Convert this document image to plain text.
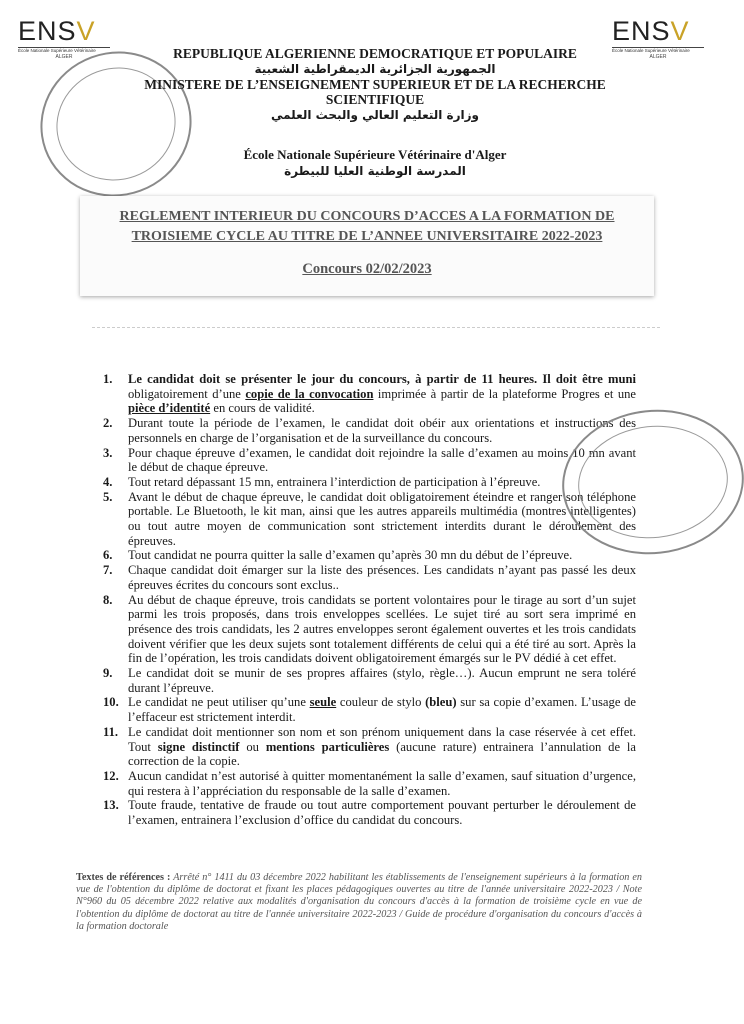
ENSV
École Nationale Supérieure Vétérinaire
ALGER
ENSV
École Nationale Supérieure Vétérinaire
ALGER
REPUBLIQUE ALGERIENNE DEMOCRATIQUE ET POPULAIRE
الجمهورية الجزائرية الديمقراطية الشعبية
MINISTERE DE L’ENSEIGNEMENT SUPERIEUR ET DE LA RECHERCHE SCIENTIFIQUE
وزارة التعليم العالي والبحث العلمي
École Nationale Supérieure Vétérinaire d'Alger
المدرسة الوطنية العليا للبيطرة
REGLEMENT INTERIEUR DU CONCOURS D’ACCES A LA FORMATION DE TROISIEME CYCLE AU TITRE DE L’ANNEE UNIVERSITAIRE 2022-2023
Concours 02/02/2023
1. Le candidat doit se présenter le jour du concours, à partir de 11 heures. Il doit être muni obligatoirement d’une copie de la convocation imprimée à partir de la plateforme Progres et une pièce d’identité en cours de validité.
2. Durant toute la période de l’examen, le candidat doit obéir aux orientations et instructions des personnels en charge de l’organisation et de la surveillance du concours.
3. Pour chaque épreuve d’examen, le candidat doit rejoindre la salle d’examen au moins 10 mn avant le début de chaque épreuve.
4. Tout retard dépassant 15 mn, entrainera l’interdiction de participation à l’épreuve.
5. Avant le début de chaque épreuve, le candidat doit obligatoirement éteindre et ranger son téléphone portable. Le Bluetooth, le kit man, ainsi que les autres appareils multimédia (montres intelligentes) ou tout autre moyen de communication sont strictement interdits durant le déroulement des épreuves.
6. Tout candidat ne pourra quitter la salle d’examen qu’après 30 mn du début de l’épreuve.
7. Chaque candidat doit émarger sur la liste des présences. Les candidats n’ayant pas passé les deux épreuves écrites du concours sont exclus..
8. Au début de chaque épreuve, trois candidats se portent volontaires pour le tirage au sort d’un sujet parmi les trois proposés, dans trois enveloppes scellées. Le sujet tiré au sort sera imprimé en présence des trois candidats, les 2 autres enveloppes seront également ouvertes et les trois candidats doivent vérifier que les deux sujets sont totalement différents de celui qui a été tiré au sort. Après la fin de l’opération, les trois candidats doivent obligatoirement émargés sur le PV dédié à cet effet.
9. Le candidat doit se munir de ses propres affaires (stylo, règle…). Aucun emprunt ne sera toléré durant l’épreuve.
10. Le candidat ne peut utiliser qu’une seule couleur de stylo (bleu) sur sa copie d’examen. L’usage de l’effaceur est strictement interdit.
11. Le candidat doit mentionner son nom et son prénom uniquement dans la case réservée à cet effet. Tout signe distinctif ou mentions particulières (aucune rature) entrainera l’annulation de la correction de la copie.
12. Aucun candidat n’est autorisé à quitter momentanément la salle d’examen, sauf situation d’urgence, qui restera à l’appréciation du responsable de la salle d’examen.
13. Toute fraude, tentative de fraude ou tout autre comportement pouvant perturber le déroulement de l’examen, entrainera l’exclusion d’office du candidat du concours.
Textes de références : Arrêté n° 1411 du 03 décembre 2022 habilitant les établissements de l'enseignement supérieurs à la formation en vue de l'obtention du diplôme de doctorat et fixant les places pédagogiques ouvertes au titre de l'année universitaire 2022-2023 / Note N°960 du 05 décembre 2022 relative aux modalités d'organisation du concours d'accès à la formation de troisième cycle en vue de l'obtention du diplôme de doctorat au titre de l'année universitaire 2022-2023 / Guide de procédure d'organisation du concours d'accès à la formation doctorale
